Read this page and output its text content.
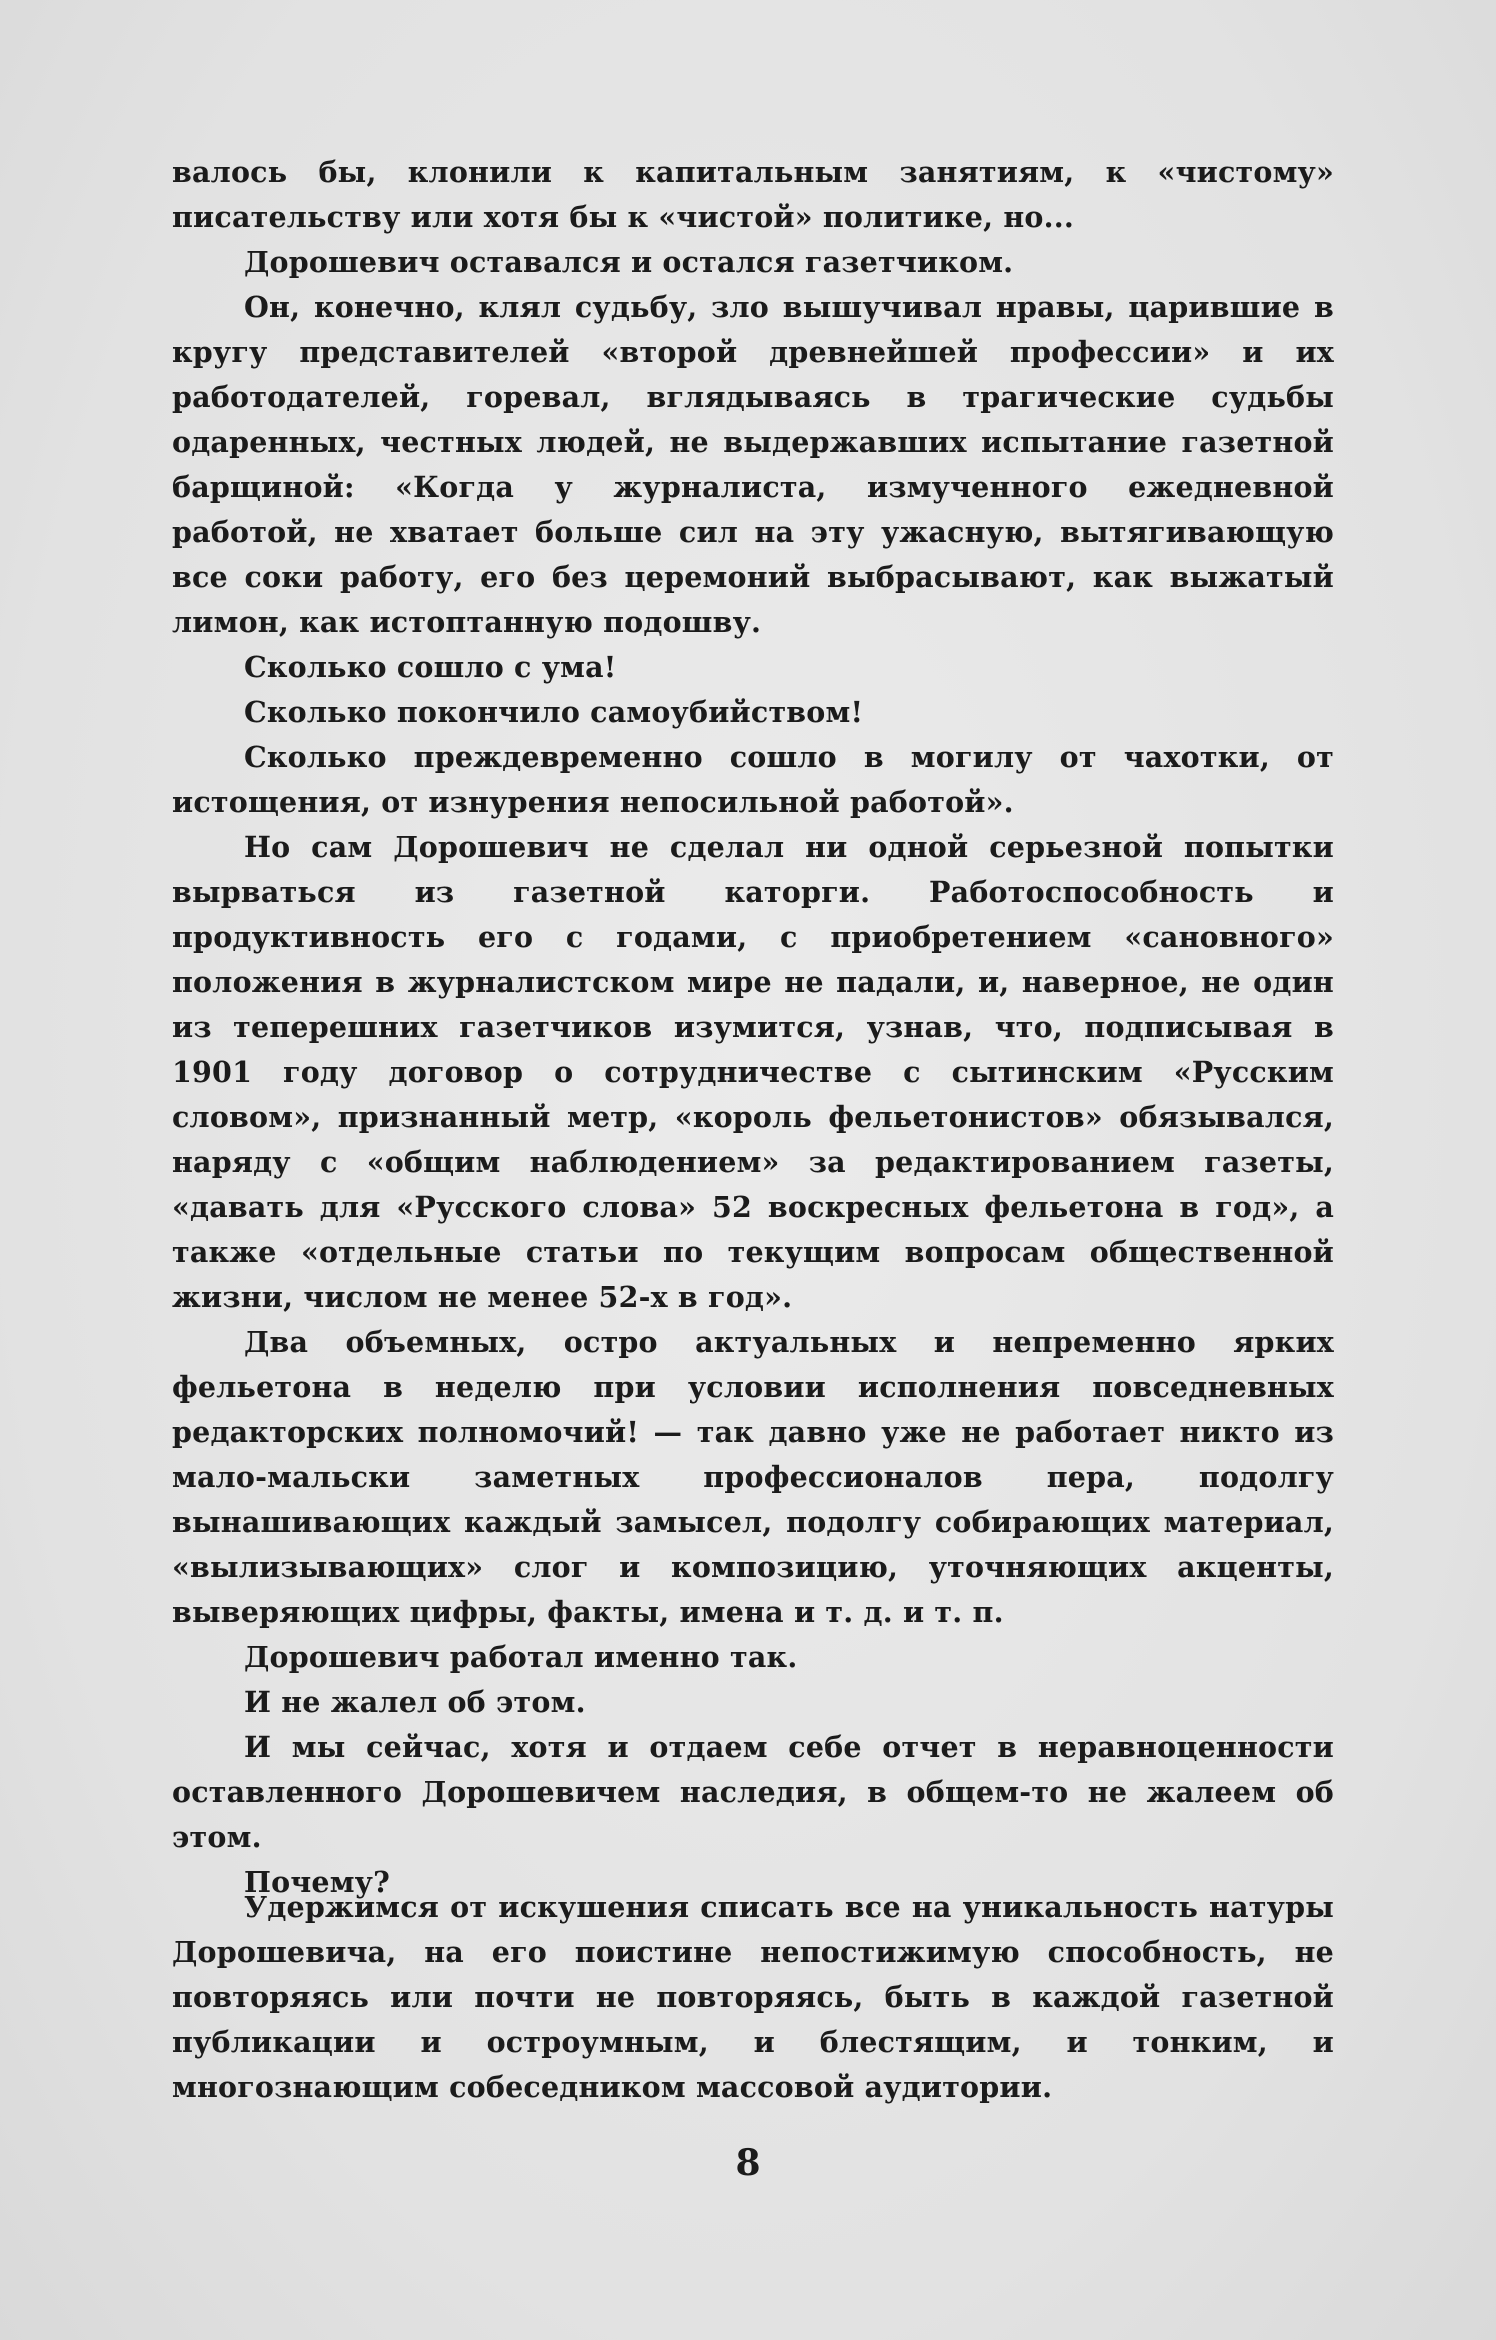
валось бы, клонили к капитальным занятиям, к «чистому» писательству или хотя бы к «чистой» политике, но...

Дорошевич оставался и остался газетчиком.

Он, конечно, клял судьбу, зло вышучивал нравы, царившие в кругу представителей «второй древнейшей профессии» и их работодателей, горевал, вглядываясь в трагические судьбы одаренных, честных людей, не выдержавших испытание газетной барщиной: «Когда у журналиста, измученного ежедневной работой, не хватает больше сил на эту ужасную, вытягивающую все соки работу, его без церемоний выбрасывают, как выжатый лимон, как истоптанную подошву.

Сколько сошло с ума!

Сколько покончило самоубийством!

Сколько преждевременно сошло в могилу от чахотки, от истощения, от изнурения непосильной работой».

Но сам Дорошевич не сделал ни одной серьезной попытки вырваться из газетной каторги. Работоспособность и продуктивность его с годами, с приобретением «сановного» положения в журналистском мире не падали, и, наверное, не один из теперешних газетчиков изумится, узнав, что, подписывая в 1901 году договор о сотрудничестве с сытинским «Русским словом», признанный метр, «король фельетонистов» обязывался, наряду с «общим наблюдением» за редактированием газеты, «давать для «Русского слова» 52 воскресных фельетона в год», а также «отдельные статьи по текущим вопросам общественной жизни, числом не менее 52-х в год».

Два объемных, остро актуальных и непременно ярких фельетона в неделю при условии исполнения повседневных редакторских полномочий! — так давно уже не работает никто из мало-мальски заметных профессионалов пера, подолгу вынашивающих каждый замысел, подолгу собирающих материал, «вылизывающих» слог и композицию, уточняющих акценты, выверяющих цифры, факты, имена и т. д. и т. п.

Дорошевич работал именно так.

И не жалел об этом.

И мы сейчас, хотя и отдаем себе отчет в неравноценности оставленного Дорошевичем наследия, в общем-то не жалеем об этом.

Почему?

Удержимся от искушения списать все на уникальность натуры Дорошевича, на его поистине непостижимую способность, не повторяясь или почти не повторяясь, быть в каждой газетной публикации и остроумным, и блестящим, и тонким, и многознающим собеседником массовой аудитории.

8
